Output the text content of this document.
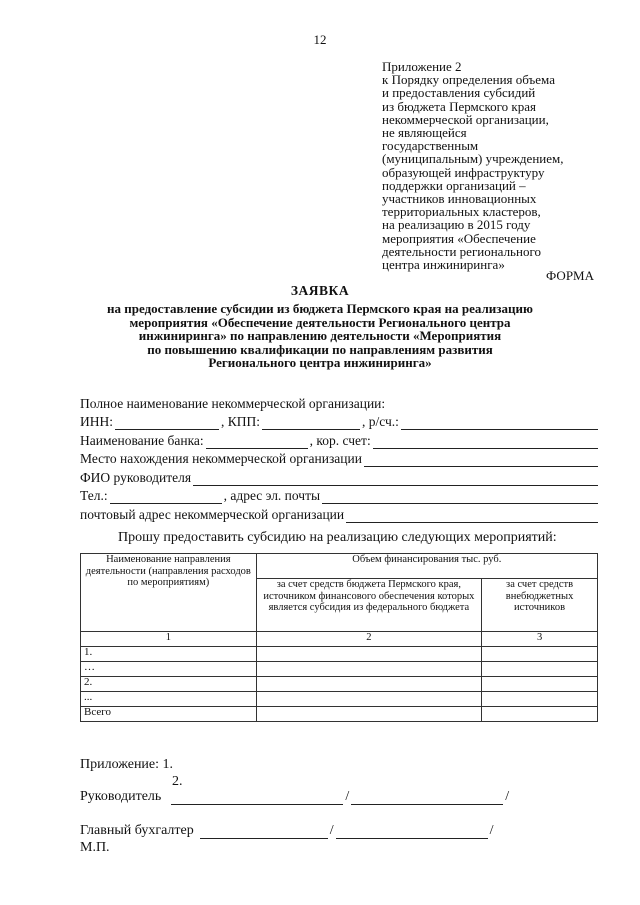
12
Приложение 2
к Порядку определения объема
и предоставления субсидий
из бюджета Пермского края
некоммерческой организации,
не являющейся
государственным
(муниципальным) учреждением,
образующей инфраструктуру
поддержки организаций –
участников инновационных
территориальных кластеров,
на реализацию в 2015 году
мероприятия «Обеспечение
деятельности регионального
центра инжиниринга»
ФОРМА
ЗАЯВКА
на предоставление субсидии из бюджета Пермского края на реализацию
мероприятия «Обеспечение деятельности Регионального центра
инжиниринга» по направлению деятельности «Мероприятия
по повышению квалификации по направлениям развития
Регионального центра инжиниринга»
Полное наименование некоммерческой организации:
ИНН:	, КПП:	, р/сч.:
Наименование банка:	, кор. счет:
Место нахождения некоммерческой организации
ФИО руководителя
Тел.:	, адрес эл. почты
почтовый адрес некоммерческой организации
Прошу предоставить субсидию на реализацию следующих мероприятий:
Наименование направления деятельности (направления расходов по мероприятиям)	Объем финансирования тыс. руб.	
	за счет средств бюджета Пермского края, источником финансового обеспечения которых является субсидия из федерального бюджета	за счет средств внебюджетных источников
1	2	3
1.		
…		
2.		
...		
Всего		
Приложение: 1.
2.
Руководитель	/	/
Главный бухгалтер	/	/
М.П.
